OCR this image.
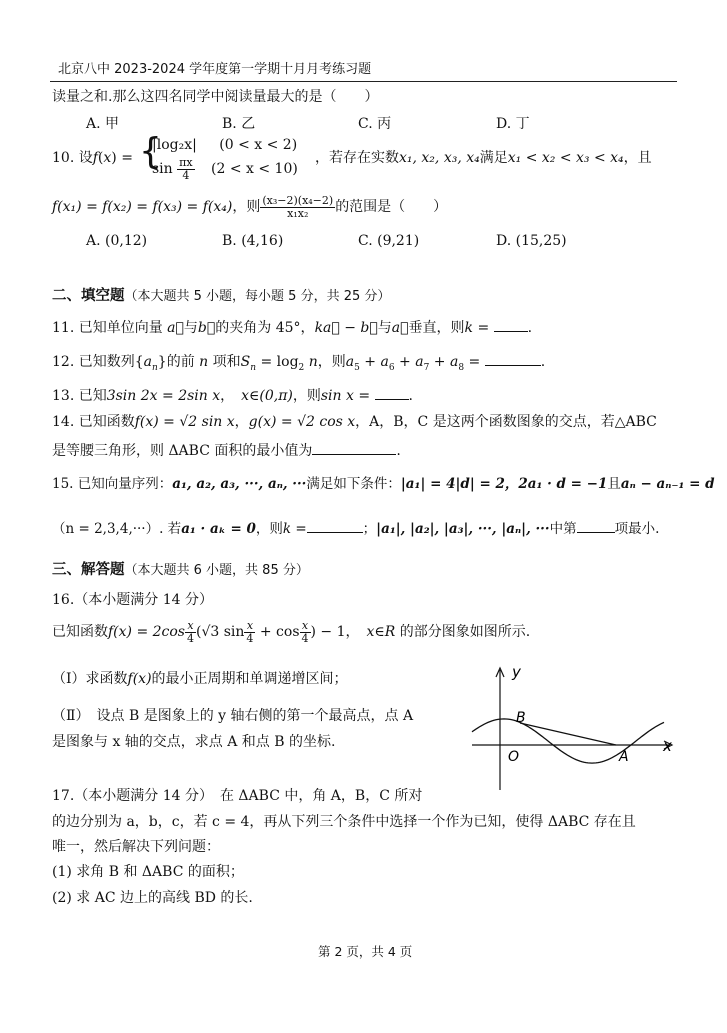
北京八中 2023-2024 学年度第一学期十月月考练习题
读量之和.那么这四名同学中阅读量最大的是（　　）
A. 甲	B. 乙	C. 丙	D. 丁
10. 设f(x) = {
|log₂x| (0 < x < 2)
$\sin \frac{\pi x}{4} (2 < x < 10)$
，若存在实数x₁, x₂, x₃, x₄满足x₁ < x₂ < x₃ < x₄，且
f(x₁) = f(x₂) = f(x₃) = f(x₄)，则 $\frac{\text{(x₃−2)(x₄−2)}}{\text{x₁x₂}}$ 的范围是（　　）
A. (0,12)	B. (4,16)	C. (9,21)	D. (15,25)
二、填空题（本大题共 5 小题，每小题 5 分，共 25 分）
11. 已知单位向量 a⃗与b⃗的夹角为 45°，ka⃗ − b⃗与a⃗垂直，则k = .
12. 已知数列$\{a_n\}$的前 n 项和$S_n = \log_2 n$，则$a_5 + a_6 + a_7 + a_8$ =	.
13. 已知3sin 2x = 2sin x，　 x∈(0,π)，则sin x =	.
14. 已知函数f(x) = √2 sin x，g(x) = √2 cos x，A，B，C 是这两个函数图象的交点，若△ABC
是等腰三角形，则 ΔABC 面积的最小值为	.
15. 已知向量序列：a₁, a₂, a₃, ···, aₙ, ···满足如下条件：|a₁| = 4|d| = 2，2a₁ · d = −1且aₙ − aₙ₋₁ = d
（n = 2,3,4,···）. 若a₁ · aₖ = 0，则k =	；|a₁|, |a₂|, |a₃|, ···, |aₙ|, ···中第	项最小.
三、解答题（本大题共 6 小题，共 85 分）
16.（本小题满分 14 分）
已知函数$f(x) = 2\cos \frac{x}{4} (√3$ $\sin \frac{x}{4} + \cos \frac{x}{4}$ ) − 1，　 x∈R 的部分图象如图所示.
（Ⅰ）求函数f(x)的最小正周期和单调递增区间；
（Ⅱ）　设点 B 是图象上的 y 轴右侧的第一个最高点，点 A
是图象与 x 轴的交点，求点 A 和点 B 的坐标.
y
x
O	A
B
17.（本小题满分 14 分）　在 ΔABC 中，角 A，B，C 所对
的边分别为 a，b，c，若 c = 4，再从下列三个条件中选择一个作为已知，使得 ΔABC 存在且
唯一，然后解决下列问题：
(1) 求角 B 和 ΔABC 的面积；
(2) 求 AC 边上的高线 BD 的长.
第 2 页，共 4 页
